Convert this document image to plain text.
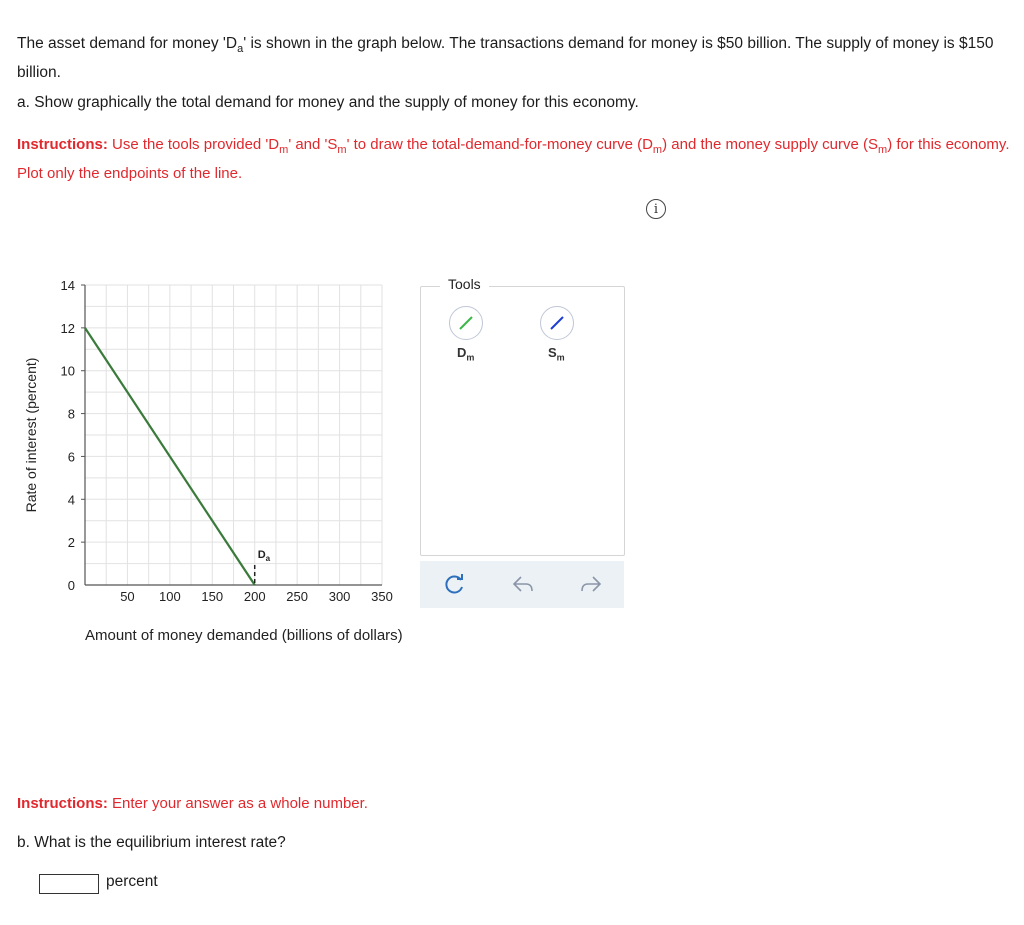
The asset demand for money '$D_a$' is shown in the graph below. The transactions demand for money is $50 billion. The supply of money is $150 billion.
a. Show graphically the total demand for money and the supply of money for this economy.
Instructions: Use the tools provided '$D_m$' and '$S_m$' to draw the total-demand-for-money curve $(D_m)$ and the money supply curve $(S_m)$ for this economy. Plot only the endpoints of the line.
i
0
2
4
6
8
10
12
14
50 100 150 200 250 300 350
$D_a$
Rate of interest (percent)
Amount of money demanded (billions of dollars)
$D_m$	$S_m$
Tools
Instructions: Enter your answer as a whole number.
b. What is the equilibrium interest rate?
percent
